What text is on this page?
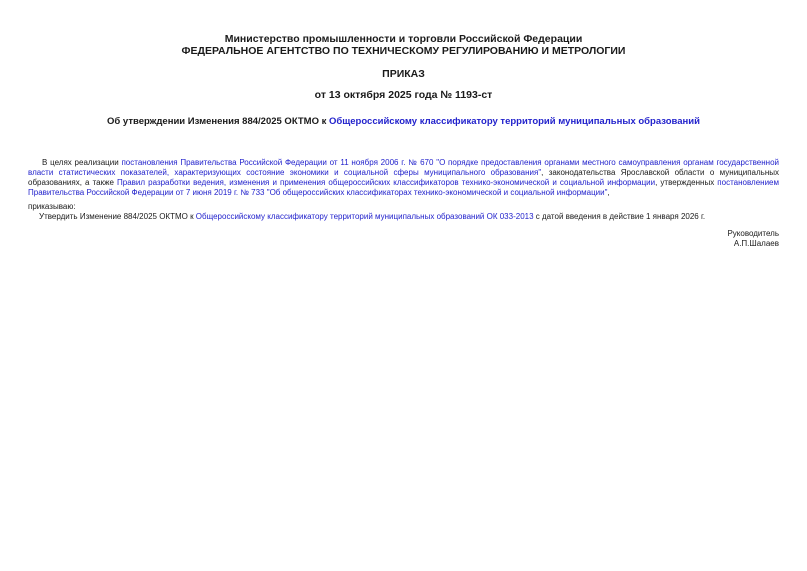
Министерство промышленности и торговли Российской Федерации
ФЕДЕРАЛЬНОЕ АГЕНТСТВО ПО ТЕХНИЧЕСКОМУ РЕГУЛИРОВАНИЮ И МЕТРОЛОГИИ
ПРИКАЗ
от 13 октября 2025 года № 1193-ст
Об утверждении Изменения 884/2025 ОКТМО к Общероссийскому классификатору территорий муниципальных образований
В целях реализации постановления Правительства Российской Федерации от 11 ноября 2006 г. № 670 "О порядке предоставления органами местного самоуправления органам государственной власти статистических показателей, характеризующих состояние экономики и социальной сферы муниципального образования", законодательства Ярославской области о муниципальных образованиях, а также Правил разработки ведения, изменения и применения общероссийских классификаторов технико-экономической и социальной информации, утвержденных постановлением Правительства Российской Федерации от 7 июня 2019 г. № 733 "Об общероссийских классификаторах технико-экономической и социальной информации",
приказываю:
Утвердить Изменение 884/2025 ОКТМО к Общероссийскому классификатору территорий муниципальных образований ОК 033-2013 с датой введения в действие 1 января 2026 г.
Руководитель
А.П.Шалаев
